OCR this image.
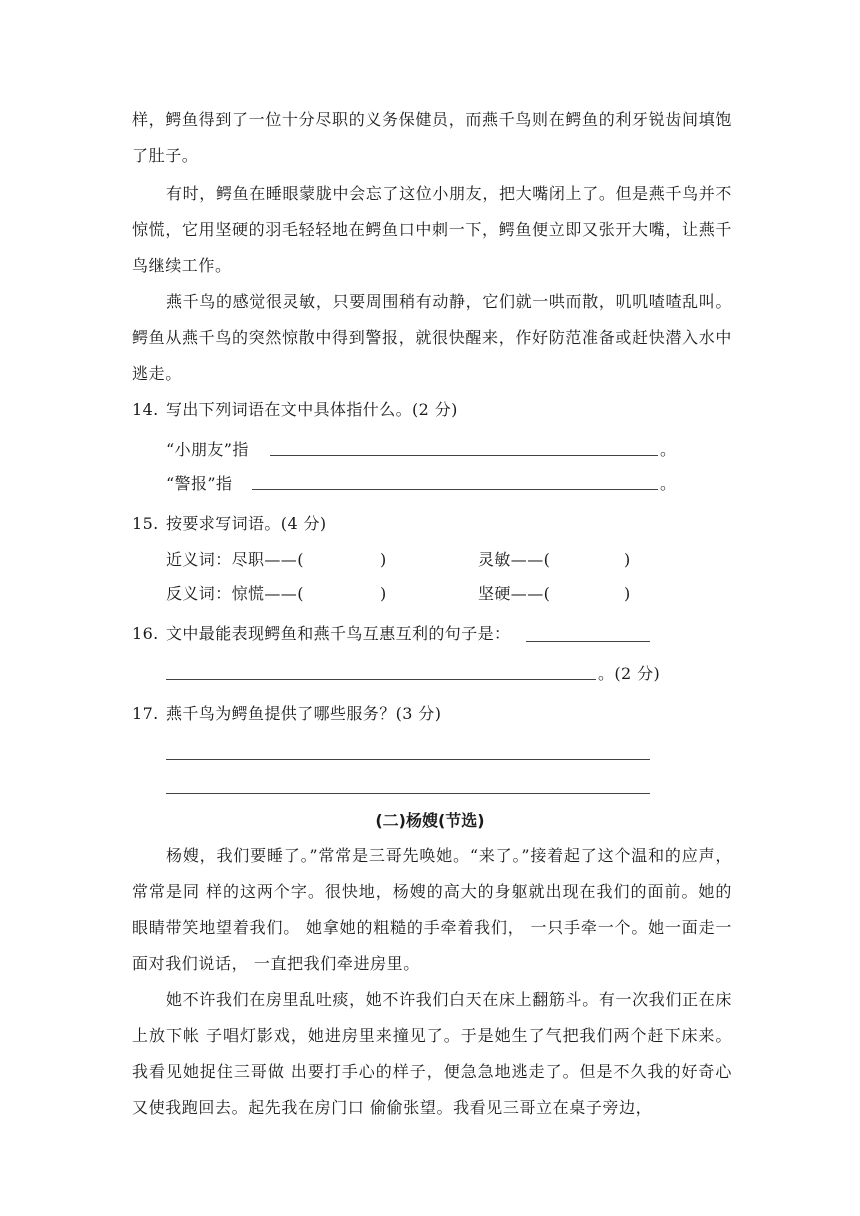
样，鳄鱼得到了一位十分尽职的义务保健员，而燕千鸟则在鳄鱼的利牙锐齿间填饱了肚子。

有时，鳄鱼在睡眼蒙胧中会忘了这位小朋友，把大嘴闭上了。但是燕千鸟并不惊慌，它用坚硬的羽毛轻轻地在鳄鱼口中刺一下，鳄鱼便立即又张开大嘴，让燕千鸟继续工作。

燕千鸟的感觉很灵敏，只要周围稍有动静，它们就一哄而散，叽叽喳喳乱叫。鳄鱼从燕千鸟的突然惊散中得到警报，就很快醒来，作好防范准备或赶快潜入水中逃走。

14. 写出下列词语在文中具体指什么。(2 分)
“小朋友”指	。
“警报”指	。
15. 按要求写词语。(4 分)
近义词：尽职——(	)	灵敏——(	)
反义词：惊慌——(	)	坚硬——(	)
16. 文中最能表现鳄鱼和燕千鸟互惠互利的句子是：
。(2 分)
17. 燕千鸟为鳄鱼提供了哪些服务？(3 分)
(二)杨嫂(节选)

杨嫂，我们要睡了。”常常是三哥先唤她。“来了。”接着起了这个温和的应声，常常是同 样的这两个字。很快地，杨嫂的高大的身躯就出现在我们的面前。她的眼睛带笑地望着我们。 她拿她的粗糙的手牵着我们， 一只手牵一个。她一面走一面对我们说话， 一直把我们牵进房里。

她不许我们在房里乱吐痰，她不许我们白天在床上翻筋斗。有一次我们正在床上放下帐 子唱灯影戏，她进房里来撞见了。于是她生了气把我们两个赶下床来。我看见她捉住三哥做 出要打手心的样子，便急急地逃走了。但是不久我的好奇心又使我跑回去。起先我在房门口 偷偷张望。我看见三哥立在桌子旁边，
